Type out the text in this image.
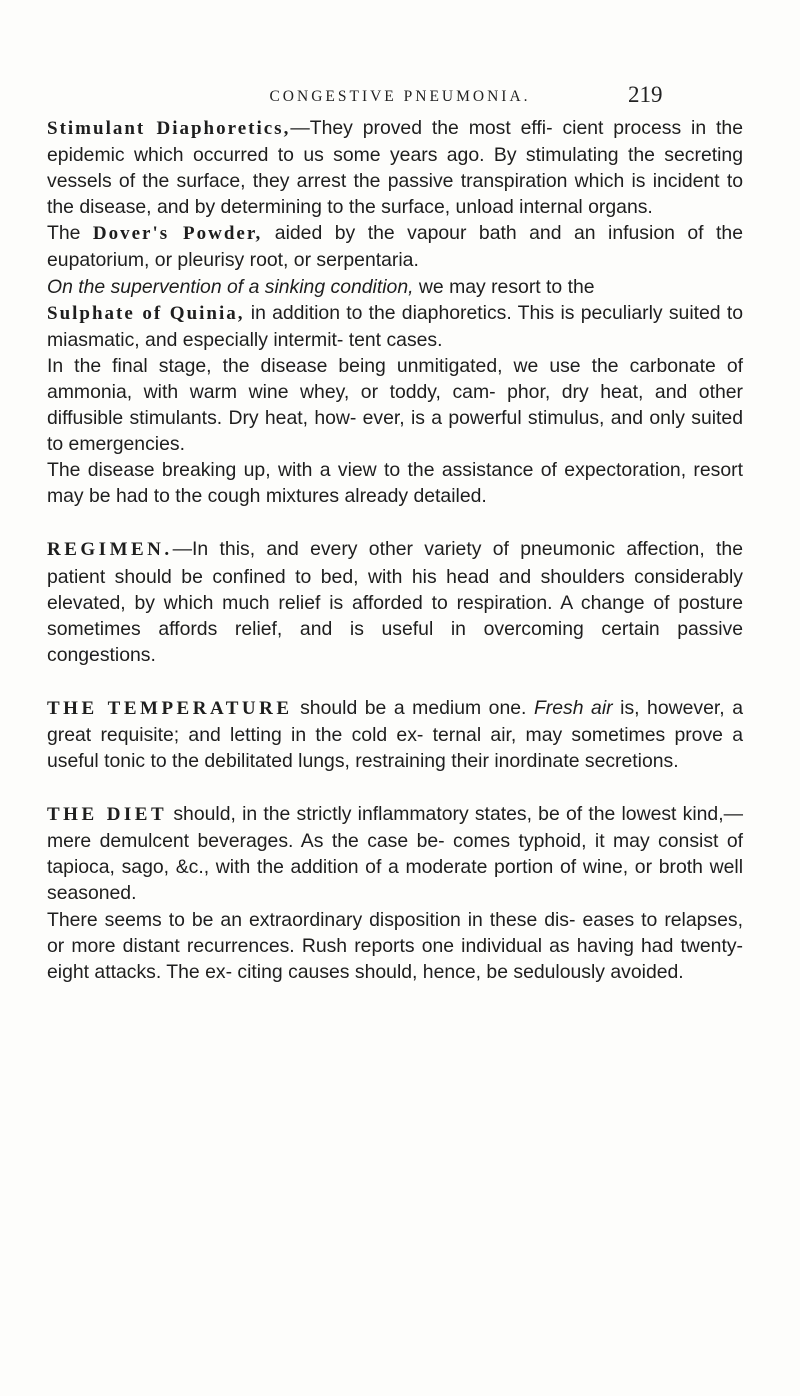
CONGESTIVE PNEUMONIA.	219

Stimulant Diaphoretics,—They proved the most effi- cient process in the epidemic which occurred to us some years ago. By stimulating the secreting vessels of the surface, they arrest the passive transpiration which is incident to the disease, and by determining to the surface, unload internal organs.

The Dover's Powder, aided by the vapour bath and an infusion of the eupatorium, or pleurisy root, or serpentaria.

On the supervention of a sinking condition, we may resort to the

Sulphate of Quinia, in addition to the diaphoretics. This is peculiarly suited to miasmatic, and especially intermit- tent cases.

In the final stage, the disease being unmitigated, we use the carbonate of ammonia, with warm wine whey, or toddy, cam- phor, dry heat, and other diffusible stimulants. Dry heat, how- ever, is a powerful stimulus, and only suited to emergencies.

The disease breaking up, with a view to the assistance of expectoration, resort may be had to the cough mixtures already detailed.

REGIMEN.—In this, and every other variety of pneumonic affection, the patient should be confined to bed, with his head and shoulders considerably elevated, by which much relief is afforded to respiration. A change of posture sometimes affords relief, and is useful in overcoming certain passive congestions.

THE TEMPERATURE should be a medium one. Fresh air is, however, a great requisite; and letting in the cold ex- ternal air, may sometimes prove a useful tonic to the debilitated lungs, restraining their inordinate secretions.

THE DIET should, in the strictly inflammatory states, be of the lowest kind,—mere demulcent beverages. As the case be- comes typhoid, it may consist of tapioca, sago, &c., with the addition of a moderate portion of wine, or broth well seasoned.

There seems to be an extraordinary disposition in these dis- eases to relapses, or more distant recurrences. Rush reports one individual as having had twenty-eight attacks. The ex- citing causes should, hence, be sedulously avoided.
